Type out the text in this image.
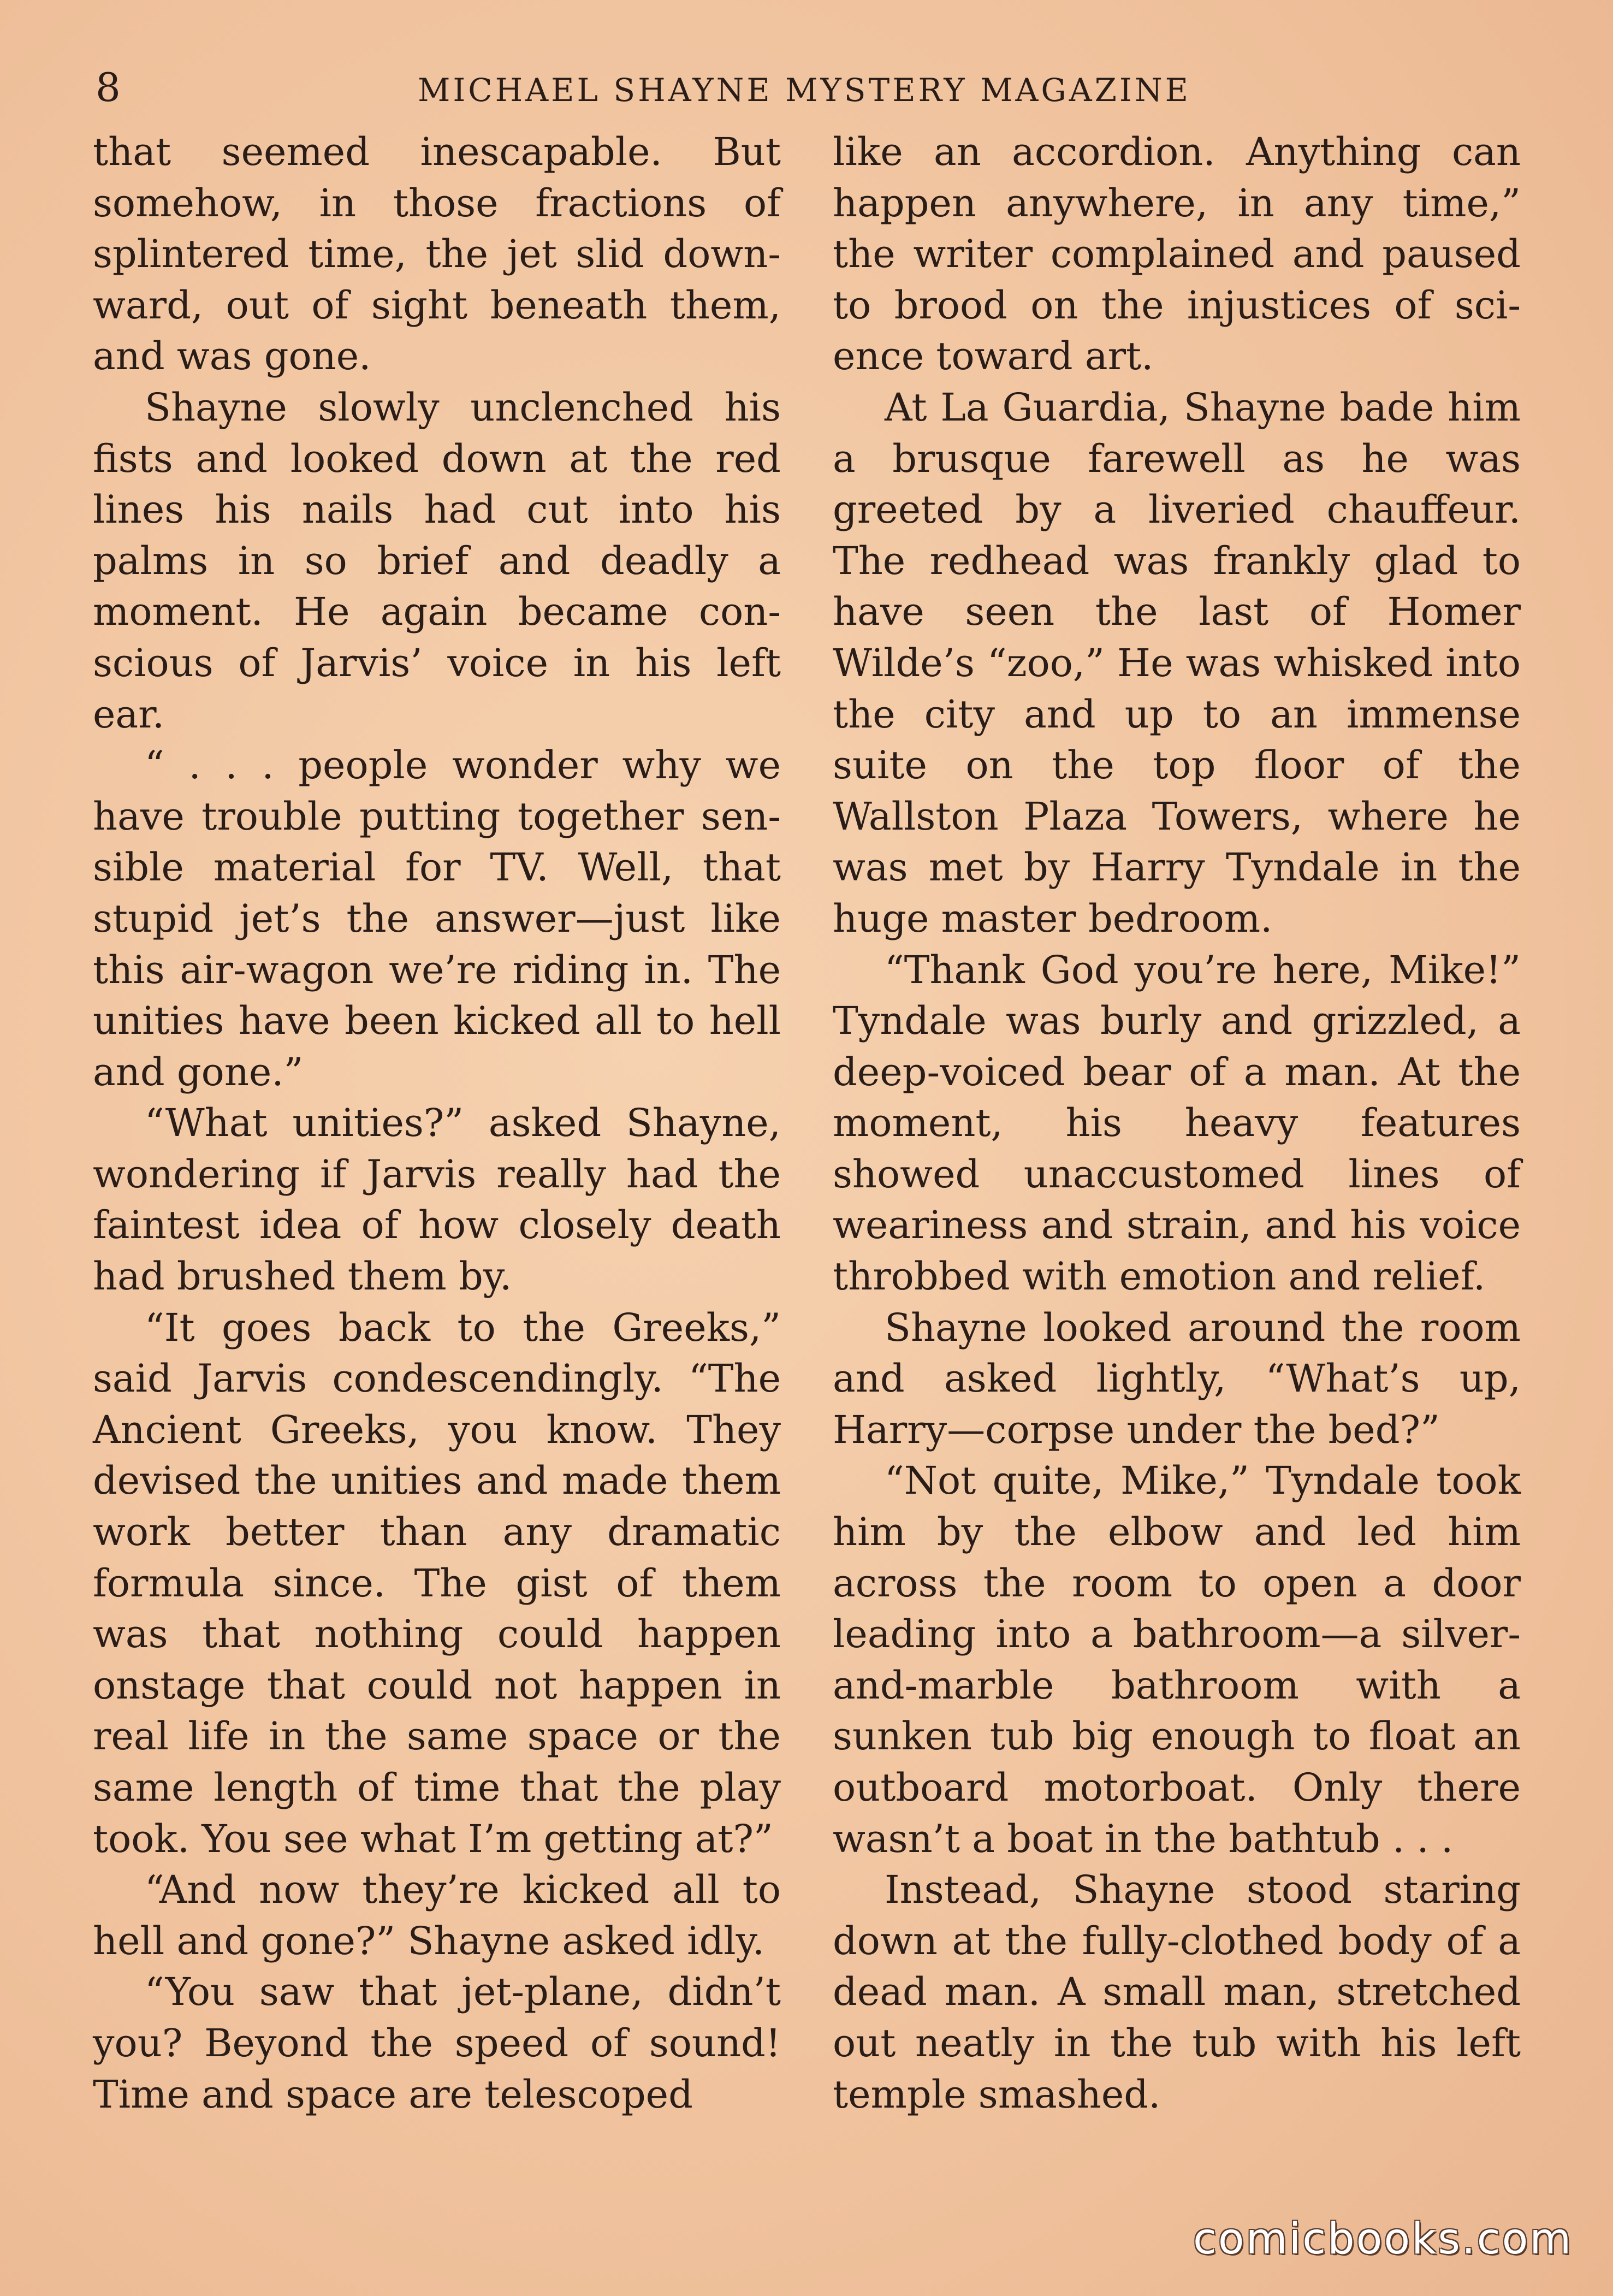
8	MICHAEL SHAYNE MYSTERY MAGAZINE

that seemed inescapable. But somehow, in those fractions of splintered time, the jet slid downward, out of sight beneath them, and was gone.

Shayne slowly unclenched his fists and looked down at the red lines his nails had cut into his palms in so brief and deadly a moment. He again became conscious of Jarvis’ voice in his left ear.

“ . . . people wonder why we have trouble putting together sensible material for TV. Well, that stupid jet’s the answer—just like this air-wagon we’re riding in. The unities have been kicked all to hell and gone.”

“What unities?” asked Shayne, wondering if Jarvis really had the faintest idea of how closely death had brushed them by.

“It goes back to the Greeks,” said Jarvis condescendingly. “The Ancient Greeks, you know. They devised the unities and made them work better than any dramatic formula since. The gist of them was that nothing could happen onstage that could not happen in real life in the same space or the same length of time that the play took. You see what I’m getting at?”

“And now they’re kicked all to hell and gone?” Shayne asked idly.

“You saw that jet-plane, didn’t you? Beyond the speed of sound! Time and space are telescoped

like an accordion. Anything can happen anywhere, in any time,” the writer complained and paused to brood on the injustices of science toward art.

At La Guardia, Shayne bade him a brusque farewell as he was greeted by a liveried chauffeur. The redhead was frankly glad to have seen the last of Homer Wilde’s “zoo,” He was whisked into the city and up to an immense suite on the top floor of the Wallston Plaza Towers, where he was met by Harry Tyndale in the huge master bedroom.

“Thank God you’re here, Mike!” Tyndale was burly and grizzled, a deep-voiced bear of a man. At the moment, his heavy features showed unaccustomed lines of weariness and strain, and his voice throbbed with emotion and relief.

Shayne looked around the room and asked lightly, “What’s up, Harry—corpse under the bed?”

“Not quite, Mike,” Tyndale took him by the elbow and led him across the room to open a door leading into a bathroom—a silver-and-marble bathroom with a sunken tub big enough to float an outboard motorboat. Only there wasn’t a boat in the bathtub . . .

Instead, Shayne stood staring down at the fully-clothed body of a dead man. A small man, stretched out neatly in the tub with his left temple smashed.

comicbooks.com
